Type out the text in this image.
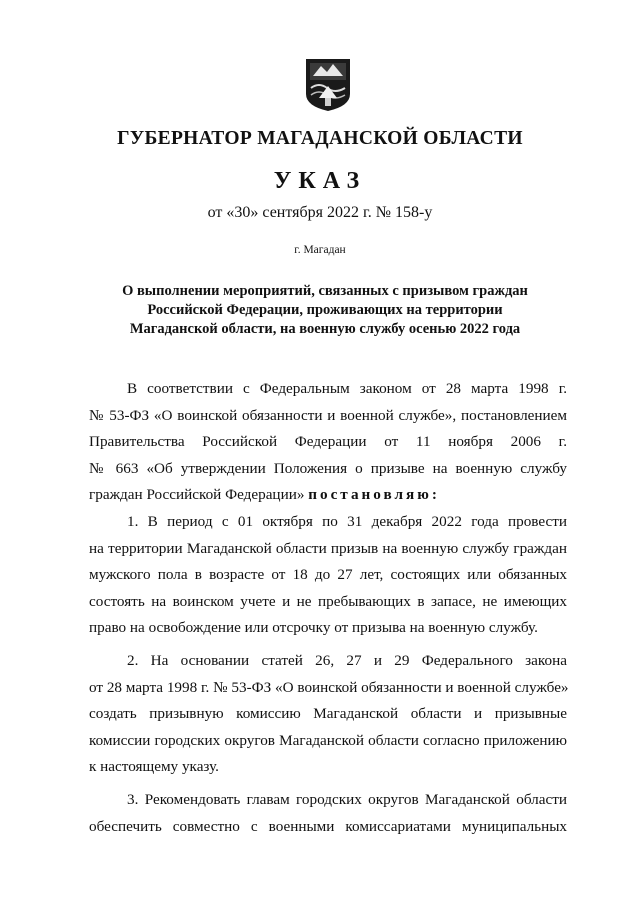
ГУБЕРНАТОР МАГАДАНСКОЙ ОБЛАСТИ
УКАЗ
от «30» сентября 2022 г. № 158-у
г. Магадан
О выполнении мероприятий, связанных с призывом граждан
Российской Федерации, проживающих на территории
Магаданской области, на военную службу осенью 2022 года
В соответствии с Федеральным законом от 28 марта 1998 г.
№ 53-ФЗ «О воинской обязанности и военной службе», постановлением
Правительства Российской Федерации от 11 ноября 2006 г.
№ 663 «Об утверждении Положения о призыве на военную службу
граждан Российской Федерации» постановляю:
1. В период с 01 октября по 31 декабря 2022 года провести
на территории Магаданской области призыв на военную службу граждан
мужского пола в возрасте от 18 до 27 лет, состоящих или обязанных
состоять на воинском учете и не пребывающих в запасе, не имеющих
право на освобождение или отсрочку от призыва на военную службу.
2. На основании статей 26, 27 и 29 Федерального закона
от 28 марта 1998 г. № 53-ФЗ «О воинской обязанности и военной службе»
создать призывную комиссию Магаданской области и призывные
комиссии городских округов Магаданской области согласно приложению
к настоящему указу.
3. Рекомендовать главам городских округов Магаданской области
обеспечить совместно с военными комиссариатами муниципальных
